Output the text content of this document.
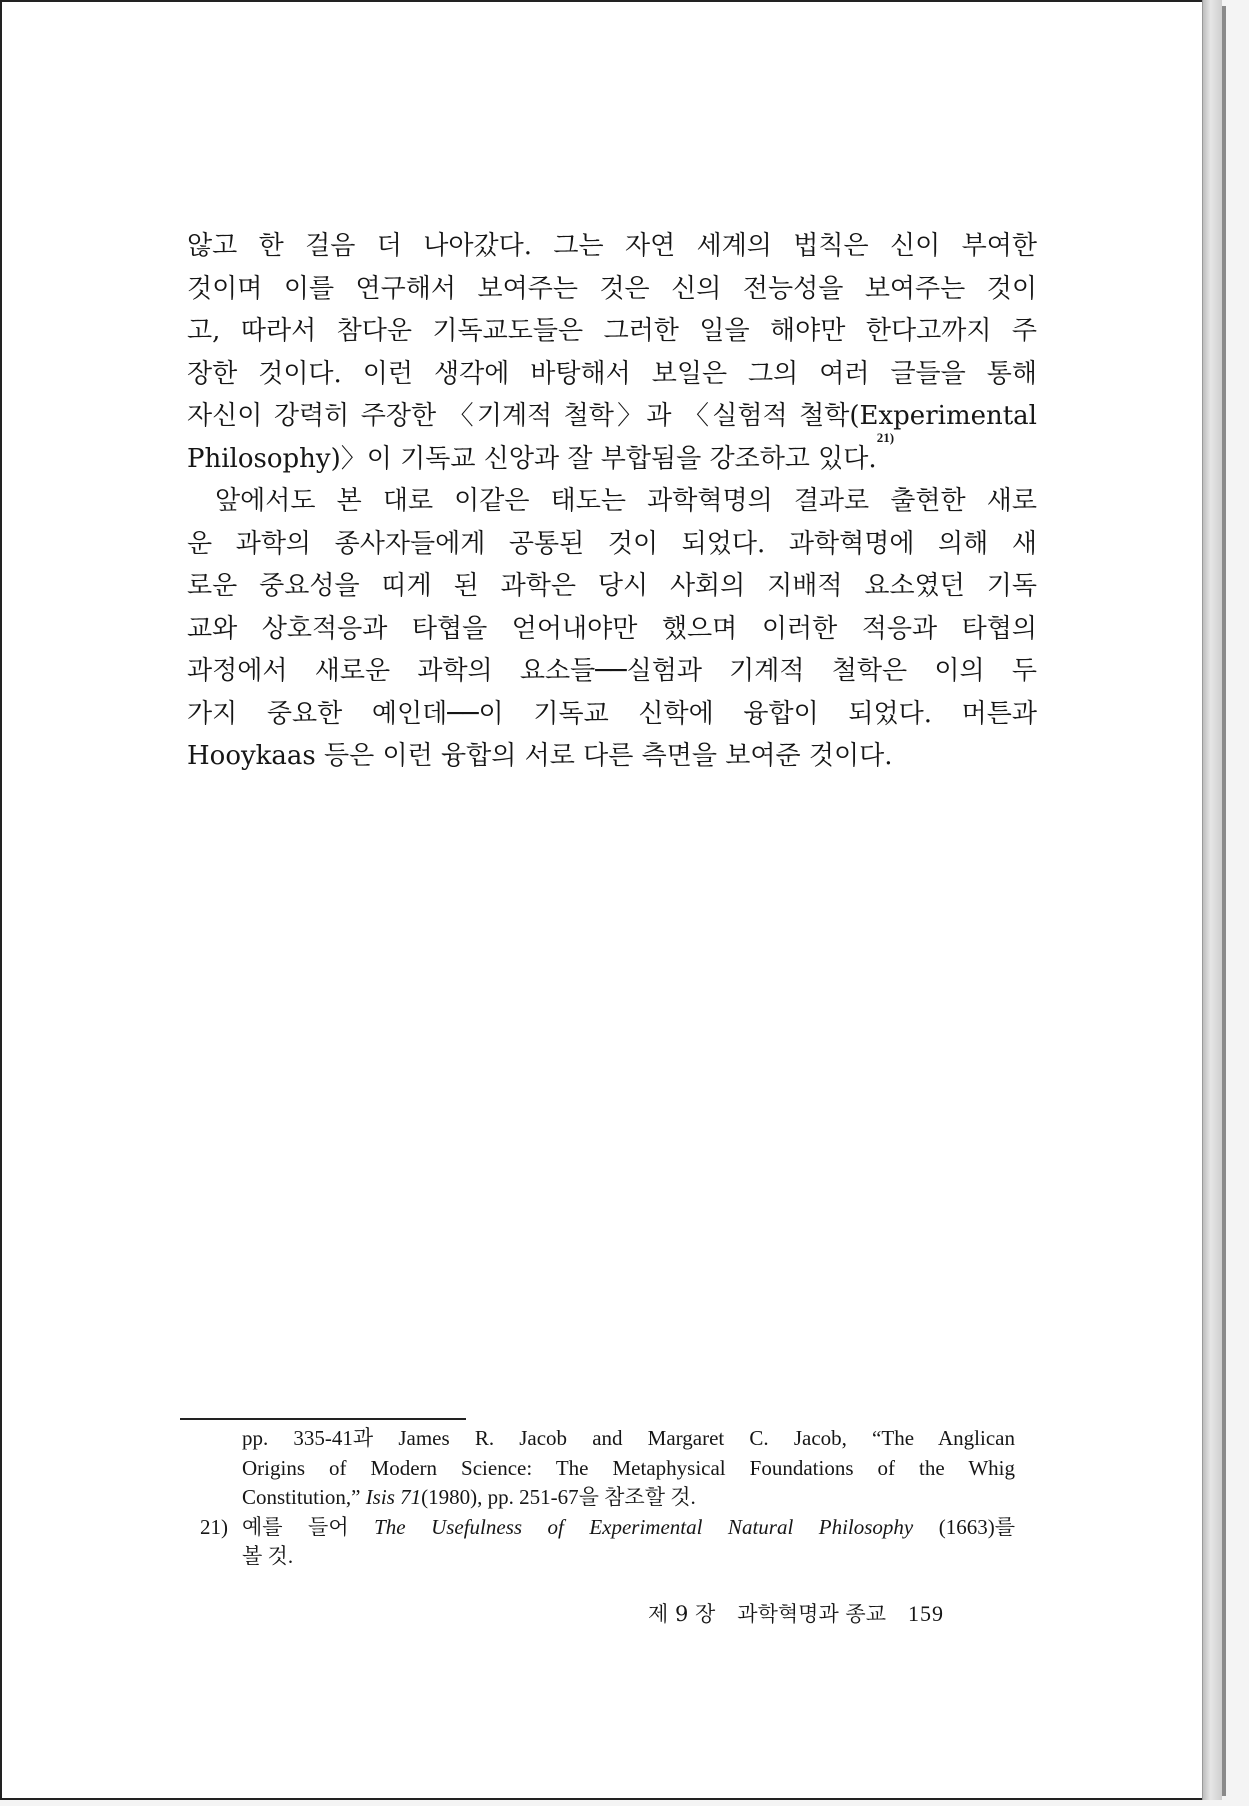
않고 한 걸음 더 나아갔다. 그는 자연 세계의 법칙은 신이 부여한
것이며 이를 연구해서 보여주는 것은 신의 전능성을 보여주는 것이
고, 따라서 참다운 기독교도들은 그러한 일을 해야만 한다고까지 주
장한 것이다. 이런 생각에 바탕해서 보일은 그의 여러 글들을 통해
자신이 강력히 주장한 〈기계적 철학〉과 〈실험적 철학(Experimental
Philosophy)〉이 기독교 신앙과 잘 부합됨을 강조하고 있다.
21)
앞에서도 본 대로 이같은 태도는 과학혁명의 결과로 출현한 새로
운 과학의 종사자들에게 공통된 것이 되었다. 과학혁명에 의해 새
로운 중요성을 띠게 된 과학은 당시 사회의 지배적 요소였던 기독
교와 상호적응과 타협을 얻어내야만 했으며 이러한 적응과 타협의
과정에서 새로운 과학의 요소들──실험과 기계적 철학은 이의 두
가지 중요한 예인데──이 기독교 신학에 융합이 되었다. 머튼과
Hooykaas 등은 이런 융합의 서로 다른 측면을 보여준 것이다.
pp. 335-41과 James R. Jacob and Margaret C. Jacob, “The Anglican
Origins of Modern Science: The Metaphysical Foundations of the Whig
Constitution,” Isis 71(1980), pp. 251-67을 참조할 것.
21) 예를 들어 The Usefulness of Experimental Natural Philosophy (1663)를
볼 것.
제 9 장 과학혁명과 종교 159
